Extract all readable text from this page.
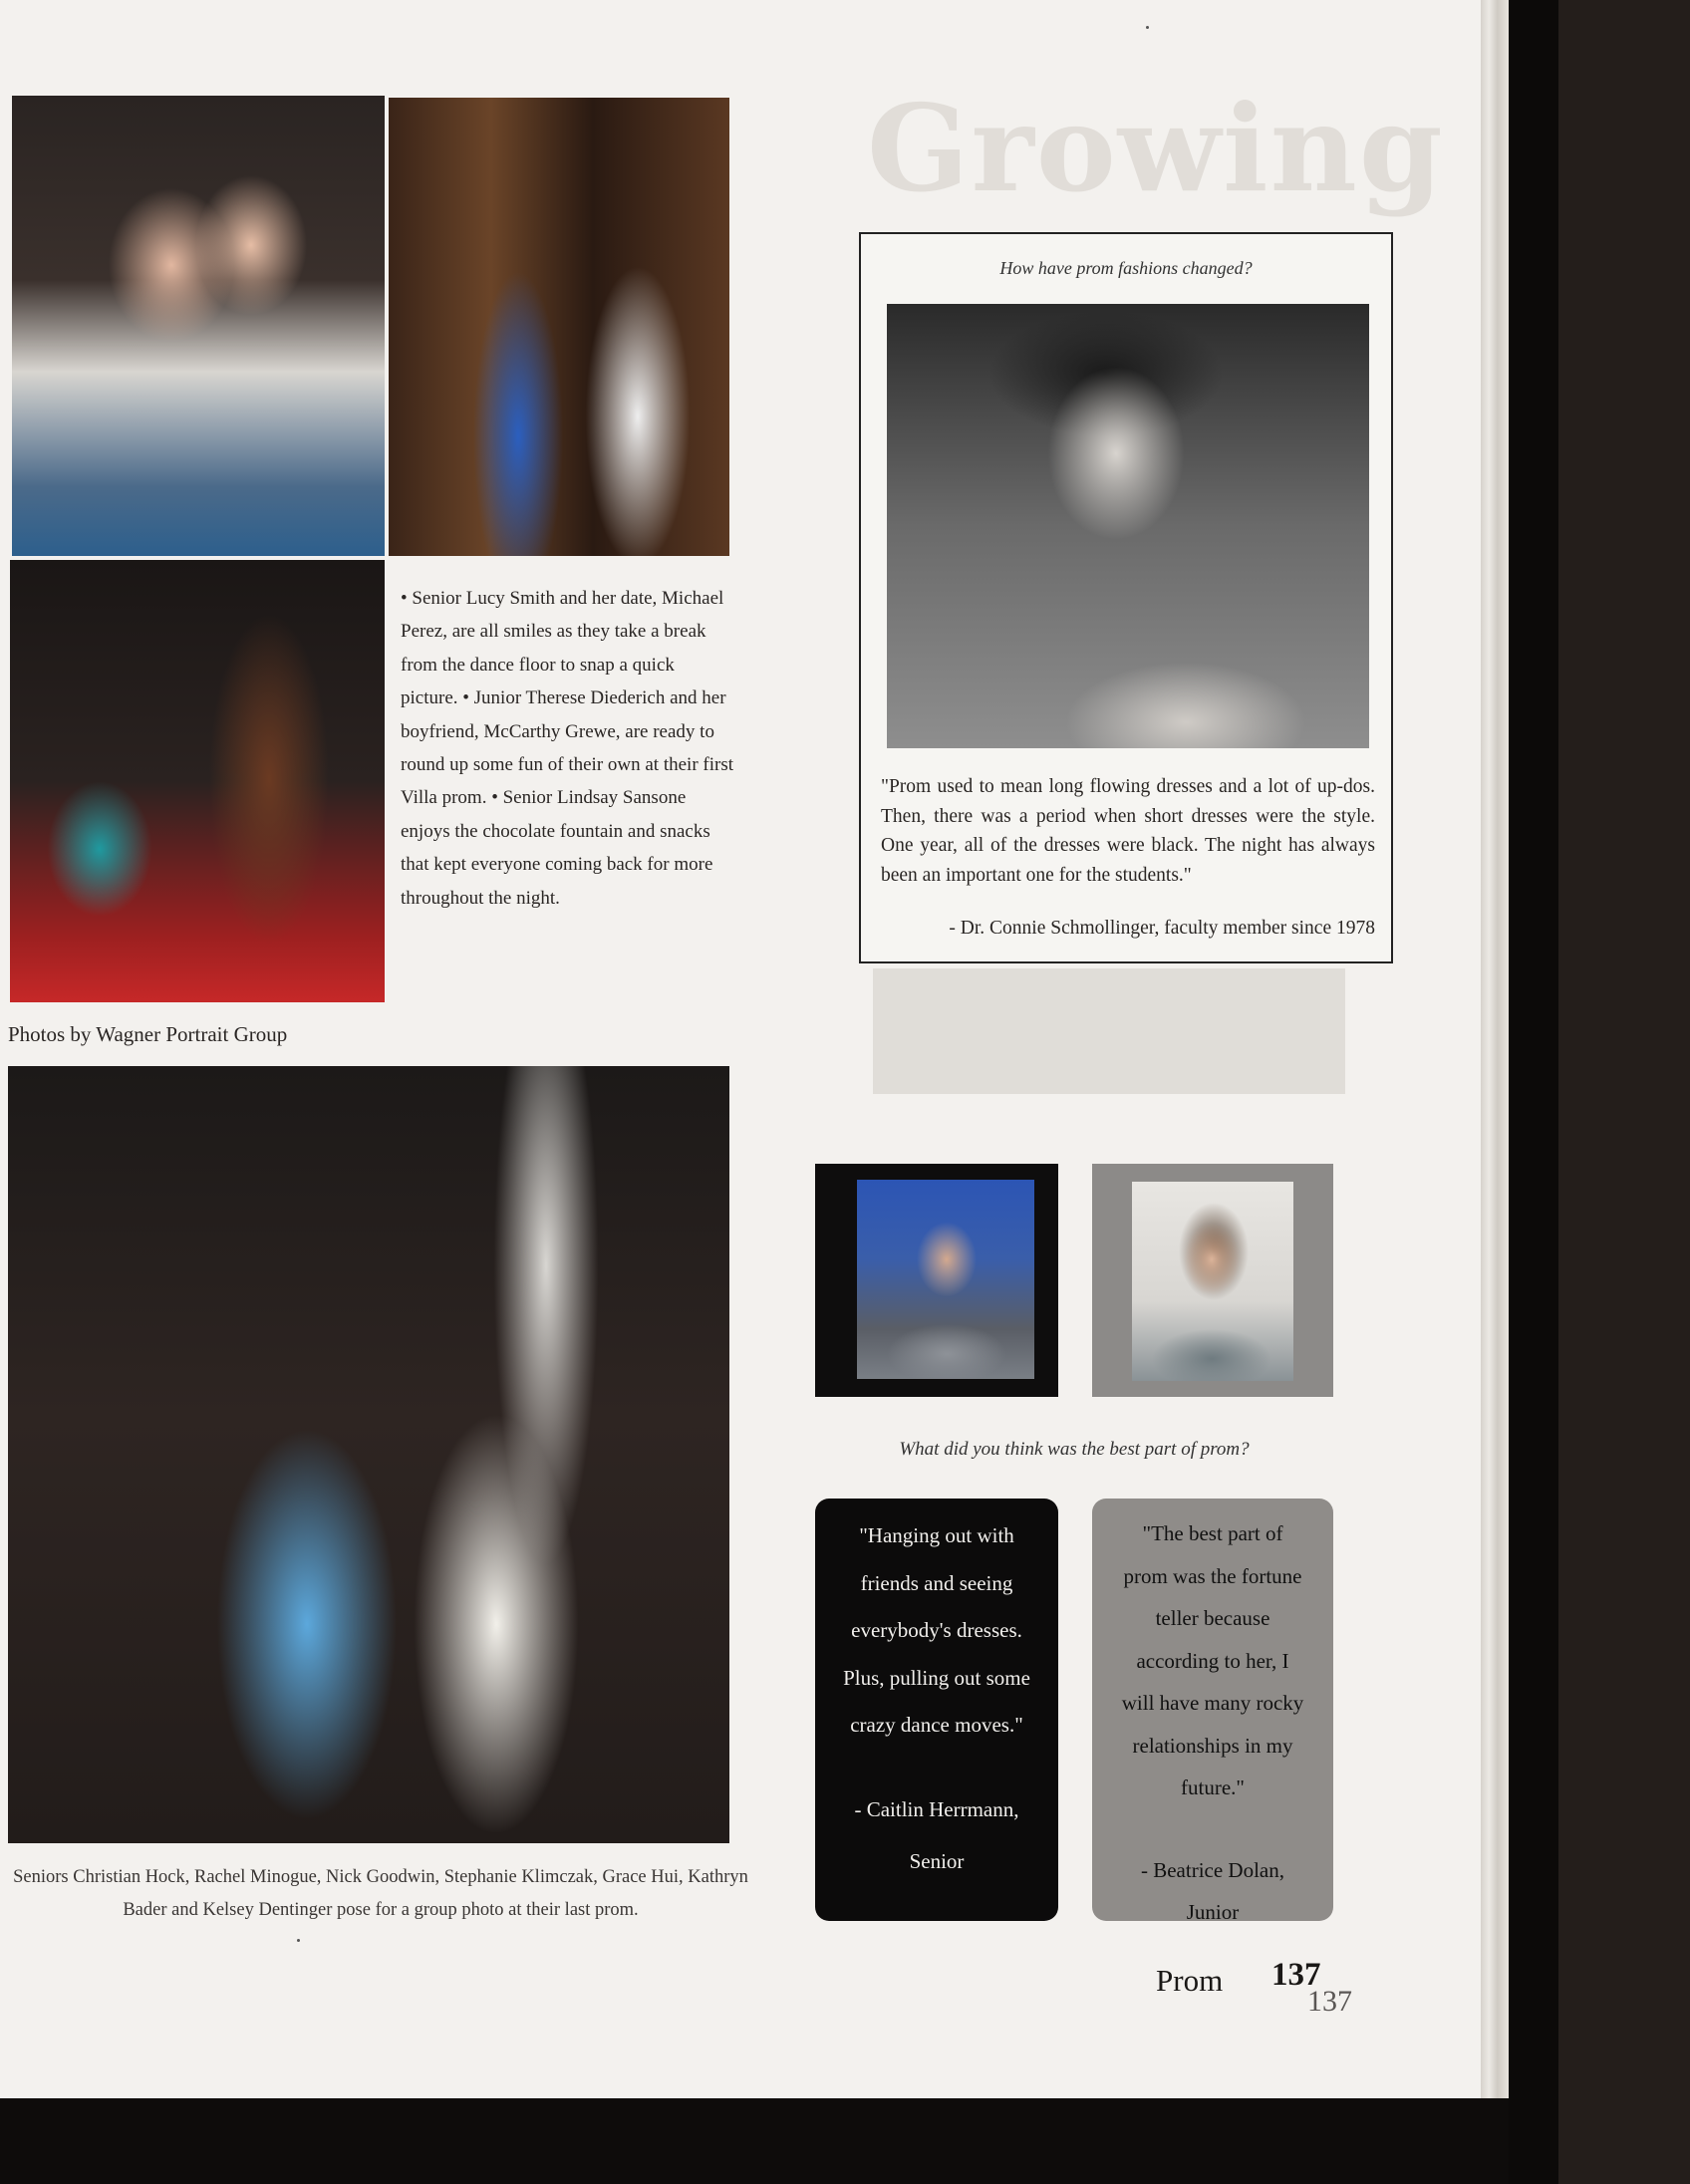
Growing

• Senior Lucy Smith and her date, Michael Perez, are all smiles as they take a break from the dance floor to snap a quick picture. • Junior Therese Diederich and her boyfriend, McCarthy Grewe, are ready to round up some fun of their own at their first Villa prom. • Senior Lindsay Sansone enjoys the chocolate fountain and snacks that kept everyone coming back for more throughout the night.

Photos by Wagner Portrait Group
Seniors Christian Hock, Rachel Minogue, Nick Goodwin, Stephanie Klimczak, Grace Hui, Kathryn Bader and Kelsey Dentinger pose for a group photo at their last prom.
How have prom fashions changed?

"Prom used to mean long flowing dresses and a lot of up-dos. Then, there was a period when short dresses were the style. One year, all of the dresses were black. The night has always been an important one for the students."

- Dr. Connie Schmollinger, faculty member since 1978
What did you think was the best part of prom?
"Hanging out with friends and seeing everybody's dresses. Plus, pulling out some crazy dance moves."
- Caitlin Herrmann,
Senior
"The best part of prom was the fortune teller because according to her, I will have many rocky relationships in my future."
- Beatrice Dolan,
Junior
Prom 137
137
